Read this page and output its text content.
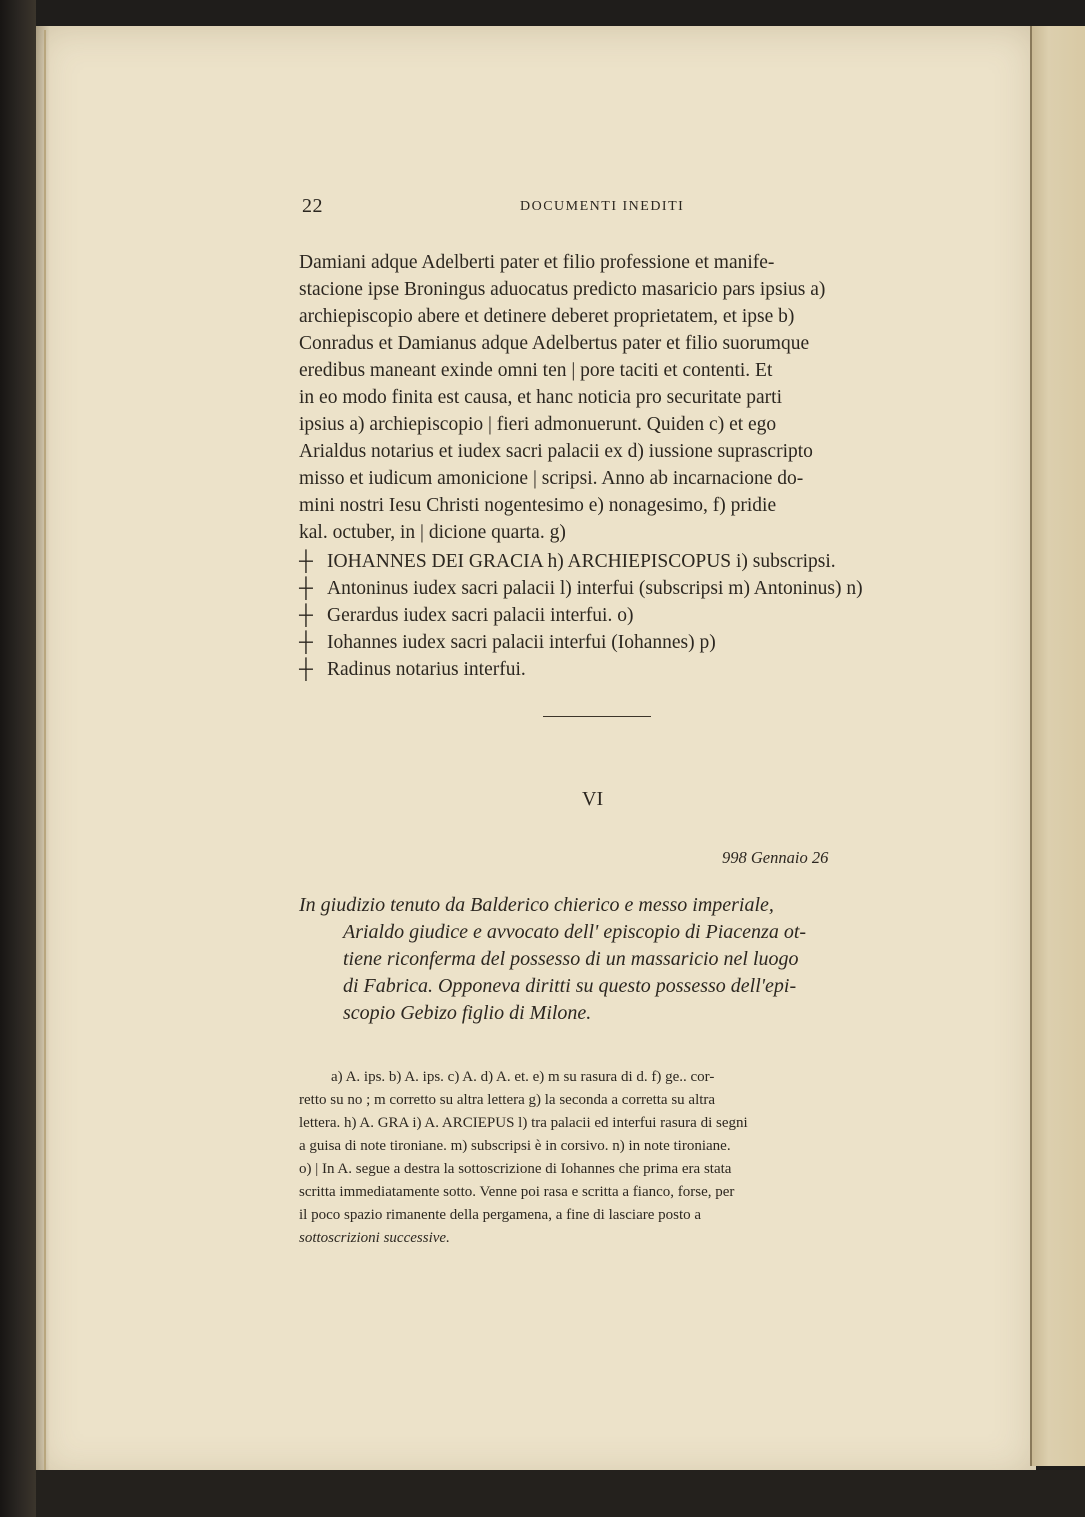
22	DOCUMENTI INEDITI
Damiani adque Adelberti pater et filio professione et manife-
stacione ipse Broningus aduocatus predicto masaricio pars ipsius a)
archiepiscopio abere et detinere deberet proprietatem, et ipse b)
Conradus et Damianus adque Adelbertus pater et filio suorumque
eredibus maneant exinde omni ten | pore taciti et contenti. Et
in eo modo finita est causa, et hanc noticia pro securitate parti
ipsius a) archiepiscopio | fieri admonuerunt. Quiden c) et ego
Arialdus notarius et iudex sacri palacii ex d) iussione suprascripto
misso et iudicum amonicione | scripsi. Anno ab incarnacione do-
mini nostri Iesu Christi nogentesimo e) nonagesimo, f) pridie
kal. octuber, in | dicione quarta. g)
┼ IOHANNES DEI GRACIA h) ARCHIEPISCOPUS i) subscripsi.
┼ Antoninus iudex sacri palacii l) interfui (subscripsi m) Antoninus) n)
┼ Gerardus iudex sacri palacii interfui. o)
┼ Iohannes iudex sacri palacii interfui (Iohannes) p)
┼ Radinus notarius interfui.
VI
998 Gennaio 26
In giudizio tenuto da Balderico chierico e messo imperiale,
Arialdo giudice e avvocato dell' episcopio di Piacenza ot-
tiene riconferma del possesso di un massaricio nel luogo
di Fabrica. Opponeva diritti su questo possesso dell'epi-
scopio Gebizo figlio di Milone.
a) A. ips. b) A. ips. c) A. d) A. et. e) m su rasura di d. f) ge.. cor-
retto su no ; m corretto su altra lettera g) la seconda a corretta su altra
lettera. h) A. GRA i) A. ARCIEPUS l) tra palacii ed interfui rasura di segni
a guisa di note tironiane. m) subscripsi è in corsivo. n) in note tironiane.
o) | In A. segue a destra la sottoscrizione di Iohannes che prima era stata
scritta immediatamente sotto. Venne poi rasa e scritta a fianco, forse, per
il poco spazio rimanente della pergamena, a fine di lasciare posto a
sottoscrizioni successive.
